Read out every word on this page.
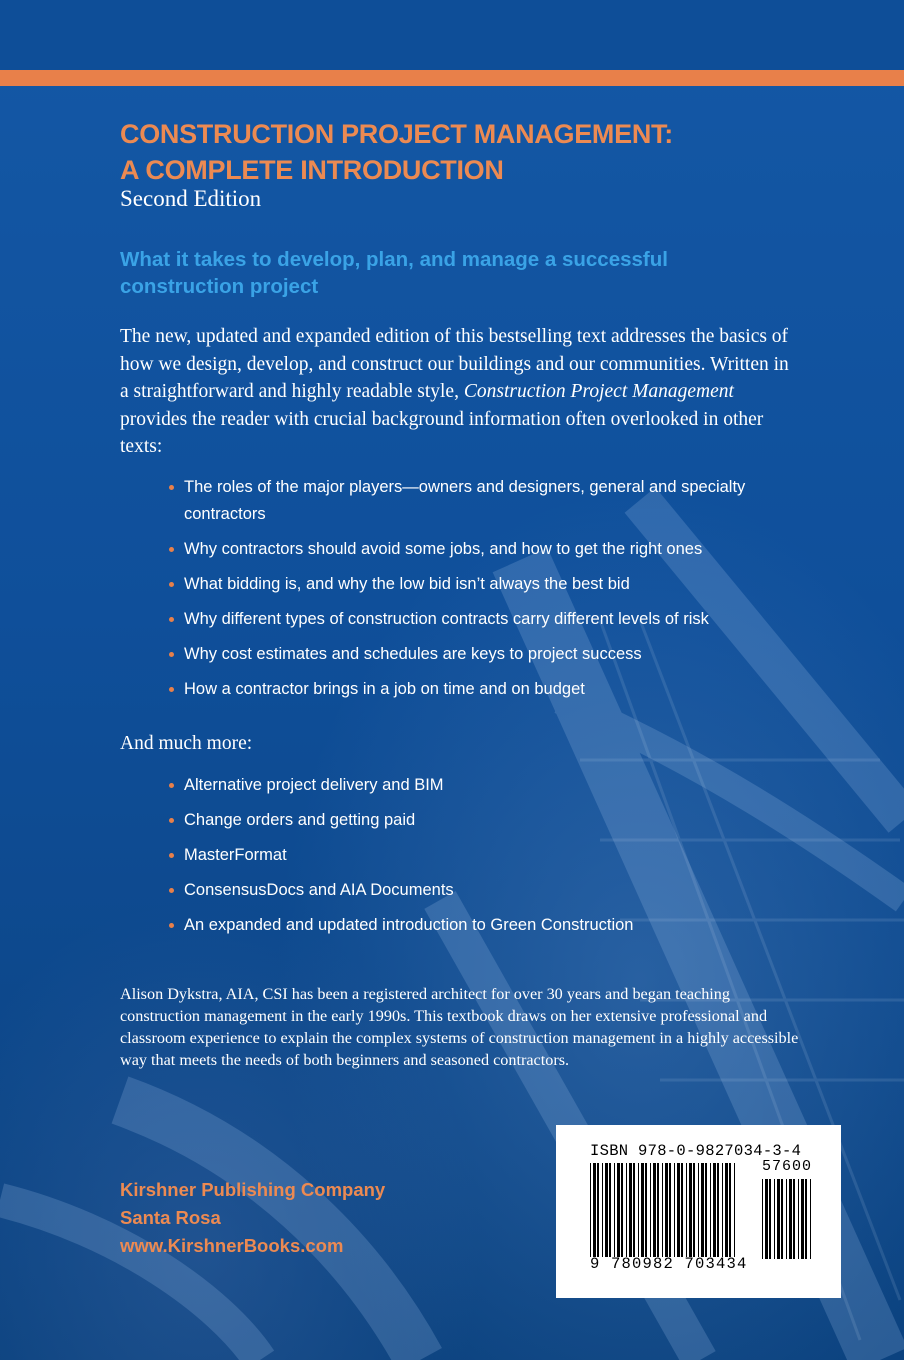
CONSTRUCTION PROJECT MANAGEMENT:
A COMPLETE INTRODUCTION
Second Edition
What it takes to develop, plan, and manage a successful
construction project
The new, updated and expanded edition of this bestselling text addresses the basics of how we design, develop, and construct our buildings and our communities. Written in a straightforward and highly readable style, Construction Project Management provides the reader with crucial background information often overlooked in other texts:
The roles of the major players—owners and designers, general and specialty contractors
Why contractors should avoid some jobs, and how to get the right ones
What bidding is, and why the low bid isn’t always the best bid
Why different types of construction contracts carry different levels of risk
Why cost estimates and schedules are keys to project success
How a contractor brings in a job on time and on budget
And much more:
Alternative project delivery and BIM
Change orders and getting paid
MasterFormat
ConsensusDocs and AIA Documents
An expanded and updated introduction to Green Construction
Alison Dykstra, AIA, CSI has been a registered architect for over 30 years and began teaching construction management in the early 1990s. This textbook draws on her extensive professional and classroom experience to explain the complex systems of construction management in a highly accessible way that meets the needs of both beginners and seasoned contractors.
Kirshner Publishing Company
Santa Rosa
www.KirshnerBooks.com
ISBN 978-0-9827034-3-4
57600
9 780982 703434
